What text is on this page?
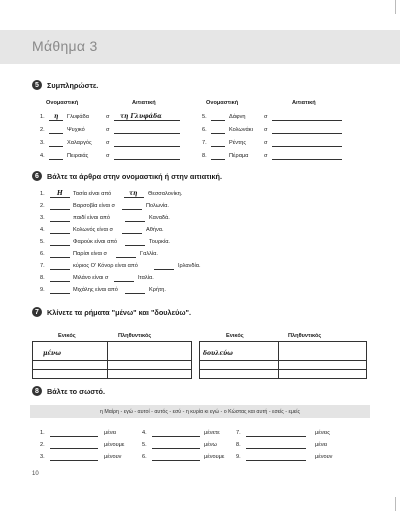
Μάθημα 3
5	Συμπληρώστε.
Ονομαστική	Αιτιατική	Ονομαστική	Αιτιατική
1. η Γλυφάδα	σ τη Γλυφάδα
2.	Ψυχικό	σ
3.	Χαλαργός	σ
4.	Πειραιάς	σ
5.	Δάφνη	σ
6.	Κολωνάκι σ
7.	Ρέντης	σ
8.	Πέραμα	σ
6	Βάλτε τα άρθρα στην ονομαστική ή στην αιτιατική.
1. Η Τασία είναι από	τη Θεσσαλονίκη.
2.	Βαρσοβία είναι σ	Πολωνία.
3.	παιδί είναι από	Καναδά.
4.	Κολωνός είναι σ	Αθήνα.
5.	Φαρούκ είναι από	Τουρκία.
6.	Παρίσι είναι σ	Γαλλία.
7.	κύριος Ο' Κόνορ είναι από	Ιρλανδία.
8.	Μιλάνο είναι σ	Ιταλία.
9.	Μιχάλης είναι από	Κρήτη.
7	Κλίνετε τα ρήματα "μένω" και "δουλεύω".
Ενικός	Πληθυντικός	Ενικός	Πληθυντικός
μένω	

		δουλεύω	

8	Βάλτε το σωστό.
η Μαίρη - εγώ - αυτοί - αυτός - εσύ - η κυρία κι εγώ - ο Κώστας και αυτή - εσείς - εμείς
1.	μένει
2.	μένουμε
3.	μένουν
4.	μένετε
5.	μένω
6.	μένουμε
7.	μένεις
8.	μένει
9.	μένουν
10
